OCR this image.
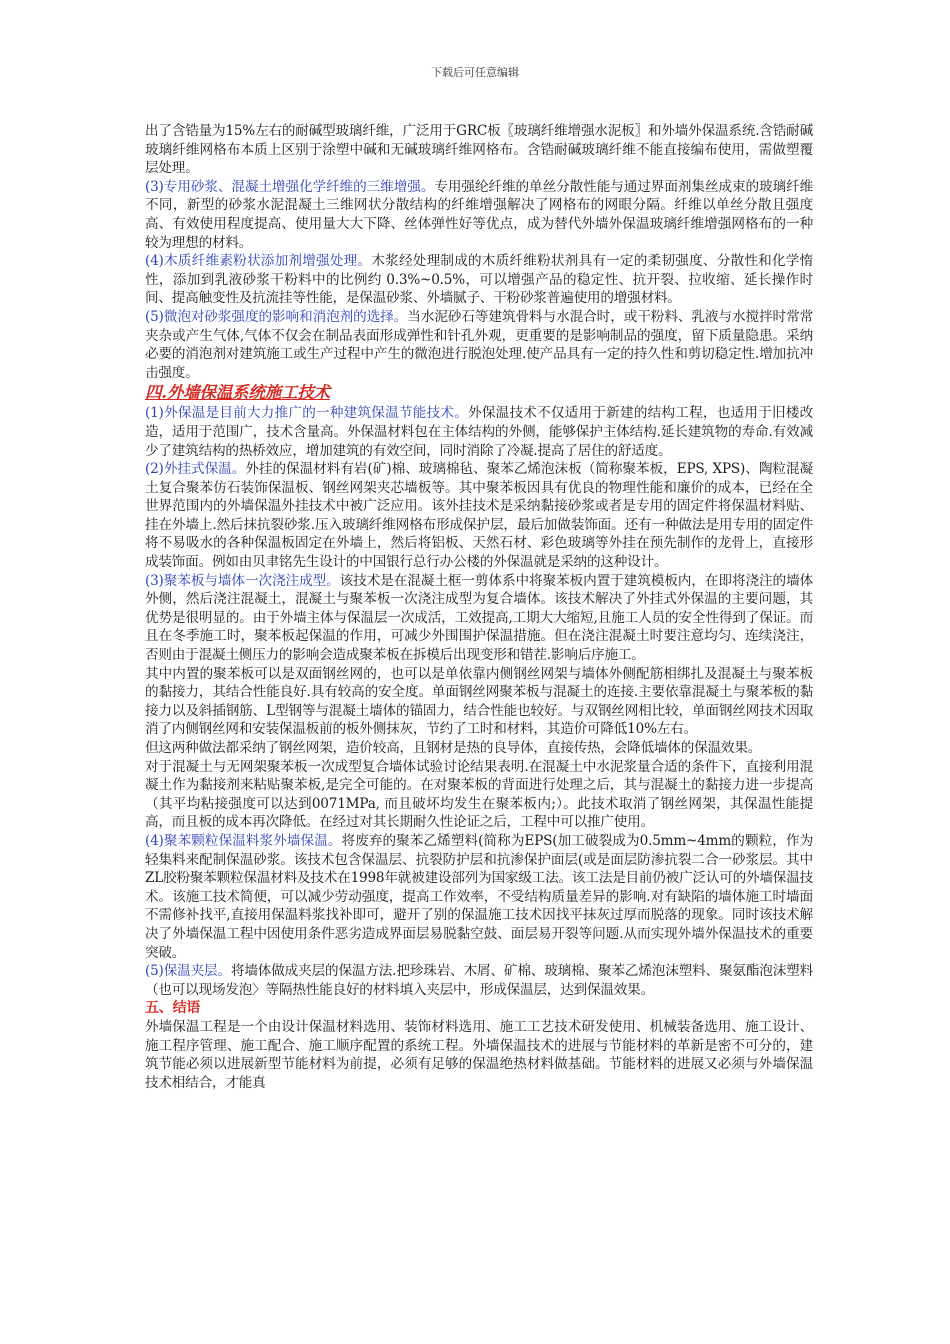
下载后可任意编辑

出了含锆量为15%左右的耐碱型玻璃纤维，广泛用于GRC板〖玻璃纤维增强水泥板〗和外墙外保温系统.含锆耐碱玻璃纤维网格布本质上区别于涂塑中碱和无碱玻璃纤维网格布。含锆耐碱玻璃纤维不能直接编布使用，需做塑覆层处理。

(3)专用砂浆、混凝土增强化学纤维的三维增强。专用强纶纤维的单丝分散性能与通过界面剂集丝成束的玻璃纤维不同，新型的砂浆水泥混凝土三维网状分散结构的纤维增强解决了网格布的网眼分隔。纤维以单丝分散且强度高、有效使用程度提高、使用量大大下降、丝体弹性好等优点，成为替代外墙外保温玻璃纤维增强网格布的一种较为理想的材料。

(4)木质纤维素粉状添加剂增强处理。木浆经处理制成的木质纤维粉状剂具有一定的柔韧强度、分散性和化学惰性，添加到乳液砂浆干粉料中的比例约 0.3%~0.5%，可以增强产品的稳定性、抗开裂、拉收缩、延长操作时间、提高触变性及抗流挂等性能，是保温砂浆、外墙腻子、干粉砂浆普遍使用的增强材料。

(5)微泡对砂浆强度的影响和消泡剂的选择。当水泥砂石等建筑骨料与水混合时，或干粉料、乳液与水搅拌时常常夹杂或产生气体,气体不仅会在制品表面形成弹性和针孔外观，更重要的是影响制品的强度，留下质量隐患。采纳必要的消泡剂对建筑施工或生产过程中产生的微泡进行脱泡处理.使产品具有一定的持久性和剪切稳定性.增加抗冲击强度。

四.外墙保温系统施工技术

(1)外保温是目前大力推广的一种建筑保温节能技术。外保温技术不仅适用于新建的结构工程，也适用于旧楼改造，适用于范围广，技术含量高。外保温材料包在主体结构的外侧，能够保护主体结构.延长建筑物的寿命.有效减少了建筑结构的热桥效应，增加建筑的有效空间，同时消除了冷凝.提高了居住的舒适度。

(2)外挂式保温。外挂的保温材料有岩(矿)棉、玻璃棉毡、聚苯乙烯泡沫板（简称聚苯板，EPS, XPS)、陶粒混凝土复合聚苯仿石装饰保温板、钢丝网架夹芯墙板等。其中聚苯板因具有优良的物理性能和廉价的成本，已经在全世界范围内的外墙保温外挂技术中被广泛应用。该外挂技术是采纳黏接砂浆或者是专用的固定件将保温材料贴、挂在外墙上.然后抹抗裂砂浆.压入玻璃纤维网格布形成保护层，最后加做装饰面。还有一种做法是用专用的固定件将不易吸水的各种保温板固定在外墙上，然后将铝板、天然石材、彩色玻璃等外挂在预先制作的龙骨上，直接形成装饰面。例如由贝聿铭先生设计的中国银行总行办公楼的外保温就是采纳的这种设计。

(3)聚苯板与墙体一次浇注成型。该技术是在混凝土框一剪体系中将聚苯板内置于建筑模板内，在即将浇注的墙体外侧，然后浇注混凝土，混凝土与聚苯板一次浇注成型为复合墙体。该技术解决了外挂式外保温的主要问题，其优势是很明显的。由于外墙主体与保温层一次成活，工效提高,工期大大缩短,且施工人员的安全性得到了保证。而且在冬季施工时，聚苯板起保温的作用，可减少外围围护保温措施。但在浇注混凝土时要注意均匀、连续浇注，否则由于混凝土侧压力的影响会造成聚苯板在拆模后出现变形和错茬.影响后序施工。

其中内置的聚苯板可以是双面钢丝网的，也可以是单依靠内侧钢丝网架与墙体外侧配筋相绑扎及混凝土与聚苯板的黏接力，其结合性能良好.具有较高的安全度。单面钢丝网聚苯板与混凝土的连接.主要依靠混凝土与聚苯板的黏接力以及斜插钢筋、L型钢等与混凝土墙体的锚固力，结合性能也较好。与双钢丝网相比较，单面钢丝网技术因取消了内侧钢丝网和安装保温板前的板外侧抹灰，节约了工时和材料，其造价可降低10%左右。

但这两种做法都采纳了钢丝网架，造价较高，且钢材是热的良导体，直接传热，会降低墙体的保温效果。

对于混凝土与无网架聚苯板一次成型复合墙体试验讨论结果表明.在混凝土中水泥浆量合适的条件下，直接利用混凝土作为黏接剂来粘贴聚苯板,是完全可能的。在对聚苯板的背面进行处理之后，其与混凝土的黏接力进一步提高（其平均粘接强度可以达到0071MPa, 而且破坏均发生在聚苯板内;）。此技术取消了钢丝网架，其保温性能提高，而且板的成本再次降低。在经过对其长期耐久性论证之后，工程中可以推广使用。

(4)聚苯颗粒保温料浆外墙保温。将废弃的聚苯乙烯塑料(简称为EPS(加工破裂成为0.5mm~4mm的颗粒，作为轻集料来配制保温砂浆。该技术包含保温层、抗裂防护层和抗渗保护面层(或是面层防渗抗裂二合一砂浆层。其中ZL胶粉聚苯颗粒保温材料及技术在1998年就被建设部列为国家级工法。该工法是目前仍被广泛认可的外墙保温技术。该施工技术简便，可以减少劳动强度，提高工作效率，不受结构质量差异的影响.对有缺陷的墙体施工时墙面不需修补找平,直接用保温料浆找补即可，避开了别的保温施工技术因找平抹灰过厚而脱落的现象。同时该技术解决了外墙保温工程中因使用条件恶劣造成界面层易脱黏空鼓、面层易开裂等问题.从而实现外墙外保温技术的重要突破。

(5)保温夹层。将墙体做成夹层的保温方法.把珍珠岩、木屑、矿棉、玻璃棉、聚苯乙烯泡沫塑料、聚氨酯泡沫塑料（也可以现场发泡〉等隔热性能良好的材料填入夹层中，形成保温层，达到保温效果。

五、结语

外墙保温工程是一个由设计保温材料选用、装饰材料选用、施工工艺技术研发使用、机械装备选用、施工设计、施工程序管理、施工配合、施工顺序配置的系统工程。外墙保温技术的进展与节能材料的革新是密不可分的，建筑节能必须以进展新型节能材料为前提，必须有足够的保温绝热材料做基础。节能材料的进展又必须与外墙保温技术相结合，才能真
